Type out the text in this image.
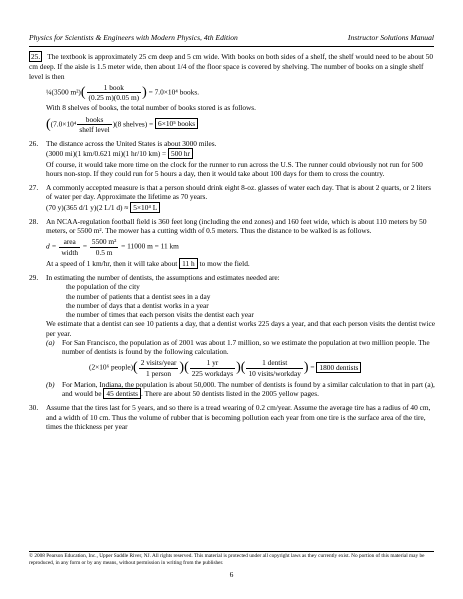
Physics for Scientists & Engineers with Modern Physics, 4th Edition	Instructor Solutions Manual
25. The textbook is approximately 25 cm deep and 5 cm wide. With books on both sides of a shelf, the shelf would need to be about 50 cm deep. If the aisle is 1.5 meter wide, then about 1/4 of the floor space is covered by shelving. The number of books on a single shelf level is then
¼(3500 $m^2)( \frac{\text{1 book}}{(0.25 m)(0.05 m)}$ ) = 7.0×10⁴ books.
With 8 shelves of books, the total number of books stored is as follows.
($(7.0\times 10^4 \frac{\text{books}}{\text{shelf level}} )(8$ shelves) = 6×10⁵ books
26. The distance across the United States is about 3000 miles.
(3000 mi)(1 km/0.621 mi)(1 hr/10 km) = 500 hr
Of course, it would take more time on the clock for the runner to run across the U.S. The runner could obviously not run for 500 hours non-stop. If they could run for 5 hours a day, then it would take about 100 days for them to cross the country.
27.	A commonly accepted measure is that a person should drink eight 8-oz. glasses of water each day. That is about 2 quarts, or 2 liters of water per day. Approximate the lifetime as 70 years.
(70 y)(365 d/1 y)(2 L/1 d) ≈ 5×10⁴ L
28.	An NCAA-regulation football field is 360 feet long (including the end zones) and 160 feet wide, which is about 110 meters by 50 meters, or 5500 m². The mower has a cutting width of 0.5 meters. Thus the distance to be walked is as follows.
$d = \frac{\text{area}}{\text{width}} = \frac{\text{5500 m²}}{0.5 m} = 11000$ m = 11 km
At a speed of 1 km/hr, then it will take about 11 h to mow the field.
29. In estimating the number of dentists, the assumptions and estimates needed are:
the population of the city
the number of patients that a dentist sees in a day
the number of days that a dentist works in a year
the number of times that each person visits the dentist each year
We estimate that a dentist can see 10 patients a day, that a dentist works 225 days a year, and that each person visits the dentist twice per year.
(a)	For San Francisco, the population as of 2001 was about 1.7 million, so we estimate the population at two million people. The number of dentists is found by the following calculation.
(2×10⁶ people)( $\frac{\text{2 visits/year}}{\text{1 person}}$ )( $\frac{1 yr}{\text{225 workdays}}$ )( $\frac{\text{1 dentist}}{\text{10 visits/workday}}$ ) = 1800 dentists
(b)	For Marion, Indiana, the population is about 50,000. The number of dentists is found by a similar calculation to that in part (a), and would be 45 dentists . There are about 50 dentists listed in the 2005 yellow pages.
30.	Assume that the tires last for 5 years, and so there is a tread wearing of 0.2 cm/year. Assume the average tire has a radius of 40 cm, and a width of 10 cm. Thus the volume of rubber that is becoming pollution each year from one tire is the surface area of the tire, times the thickness per year
© 2008 Pearson Education, Inc., Upper Saddle River, NJ. All rights reserved. This material is protected under all copyright laws as they currently exist. No portion of this material may be reproduced, in any form or by any means, without permission in writing from the publisher.
6
